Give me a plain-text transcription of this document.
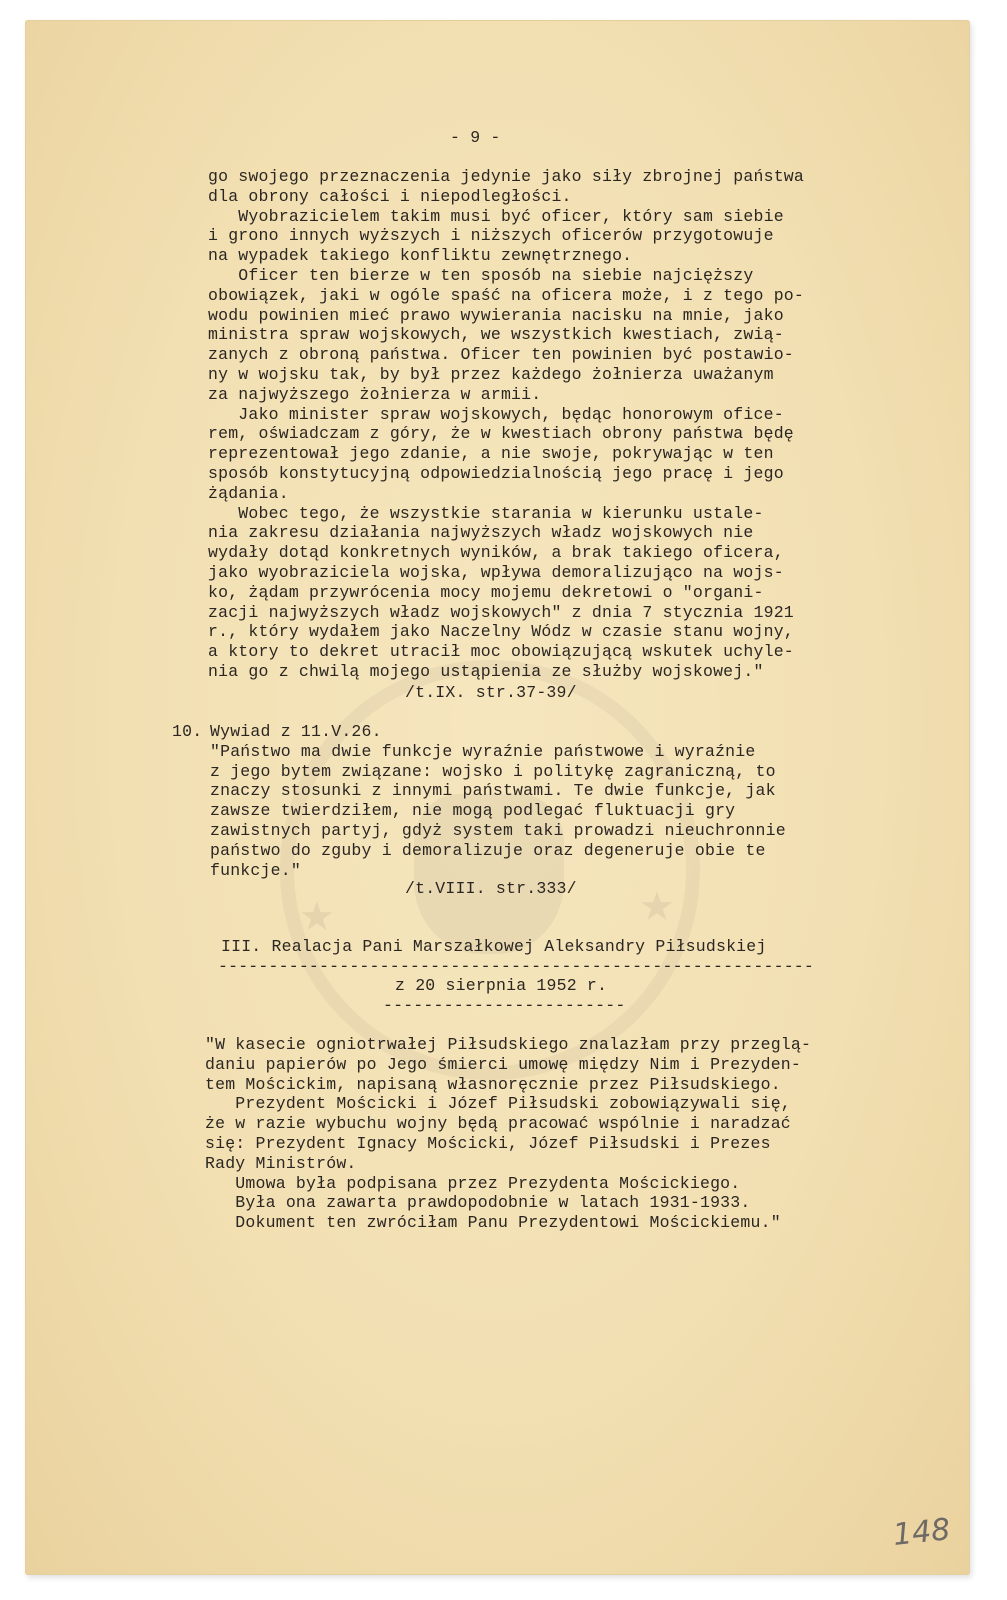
★	★

- 9 -

go swojego przeznaczenia jedynie jako siły zbrojnej państwa
dla obrony całości i niepodległości.
Wyobrazicielem takim musi być oficer, który sam siebie
i grono innych wyższych i niższych oficerów przygotowuje
na wypadek takiego konfliktu zewnętrznego.
Oficer ten bierze w ten sposób na siebie najcięższy
obowiązek, jaki w ogóle spaść na oficera może, i z tego po-
wodu powinien mieć prawo wywierania nacisku na mnie, jako
ministra spraw wojskowych, we wszystkich kwestiach, zwią-
zanych z obroną państwa. Oficer ten powinien być postawio-
ny w wojsku tak, by był przez każdego żołnierza uważanym
za najwyższego żołnierza w armii.
Jako minister spraw wojskowych, będąc honorowym ofice-
rem, oświadczam z góry, że w kwestiach obrony państwa będę
reprezentował jego zdanie, a nie swoje, pokrywając w ten
sposób konstytucyjną odpowiedzialnością jego pracę i jego
żądania.
Wobec tego, że wszystkie starania w kierunku ustale-
nia zakresu działania najwyższych władz wojskowych nie
wydały dotąd konkretnych wyników, a brak takiego oficera,
jako wyobraziciela wojska, wpływa demoralizująco na wojs-
ko, żądam przywrócenia mocy mojemu dekretowi o "organi-
zacji najwyższych władz wojskowych" z dnia 7 stycznia 1921
r., który wydałem jako Naczelny Wódz w czasie stanu wojny,
a ktory to dekret utracił moc obowiązującą wskutek uchyle-
nia go z chwilą mojego ustąpienia ze służby wojskowej."

/t.IX. str.37-39/

10. Wywiad z 11.V.26.
"Państwo ma dwie funkcje wyraźnie państwowe i wyraźnie
z jego bytem związane: wojsko i politykę zagraniczną, to
znaczy stosunki z innymi państwami. Te dwie funkcje, jak
zawsze twierdziłem, nie mogą podlegać fluktuacji gry
zawistnych partyj, gdyż system taki prowadzi nieuchronnie
państwo do zguby i demoralizuje oraz degeneruje obie te
funkcje."

/t.VIII. str.333/

III. Realacja Pani Marszałkowej Aleksandry Piłsudskiej

-----------------------------------------------------------

z 20 sierpnia 1952 r.

------------------------

"W kasecie ogniotrwałej Piłsudskiego znalazłam przy przeglą-
daniu papierów po Jego śmierci umowę między Nim i Prezyden-
tem Mościckim, napisaną własnoręcznie przez Piłsudskiego.
Prezydent Mościcki i Józef Piłsudski zobowiązywali się,
że w razie wybuchu wojny będą pracować wspólnie i naradzać
się: Prezydent Ignacy Mościcki, Józef Piłsudski i Prezes
Rady Ministrów.
Umowa była podpisana przez Prezydenta Mościckiego.
Była ona zawarta prawdopodobnie w latach 1931-1933.
Dokument ten zwróciłam Panu Prezydentowi Mościckiemu."

148
